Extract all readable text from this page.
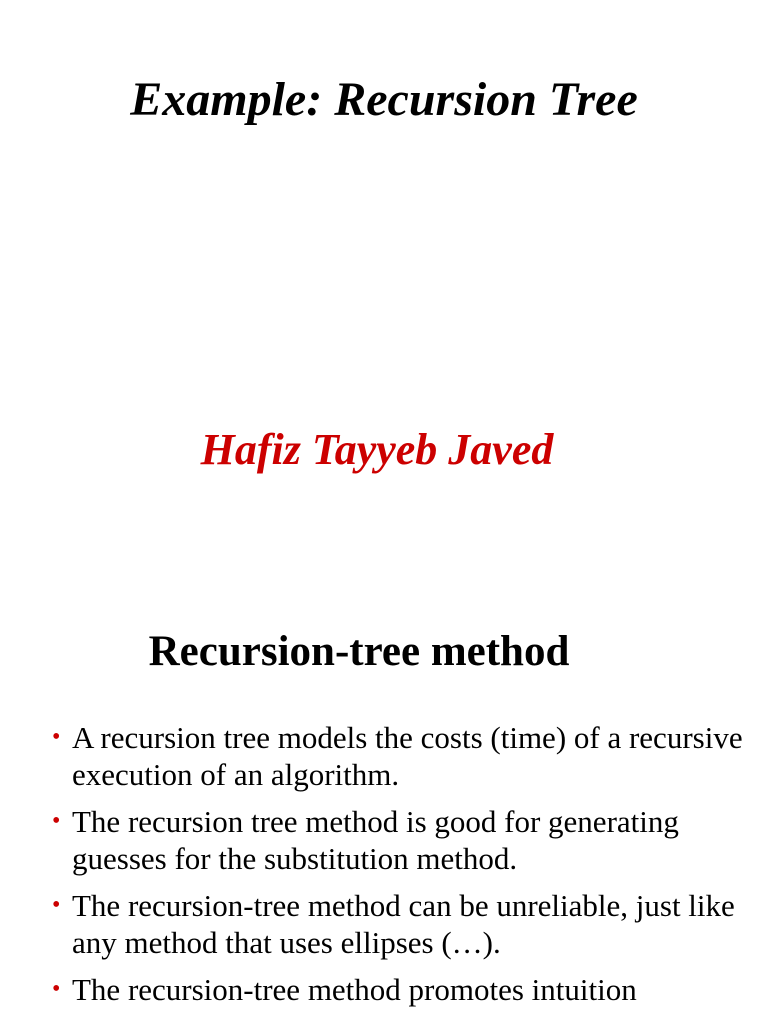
Example: Recursion Tree
Hafiz Tayyeb Javed
Recursion-tree method
• A recursion tree models the costs (time) of a recursive execution of an algorithm.
• The recursion tree method is good for generating guesses for the substitution method.
• The recursion-tree method can be unreliable, just like any method that uses ellipses (…).
• The recursion-tree method promotes intuition
